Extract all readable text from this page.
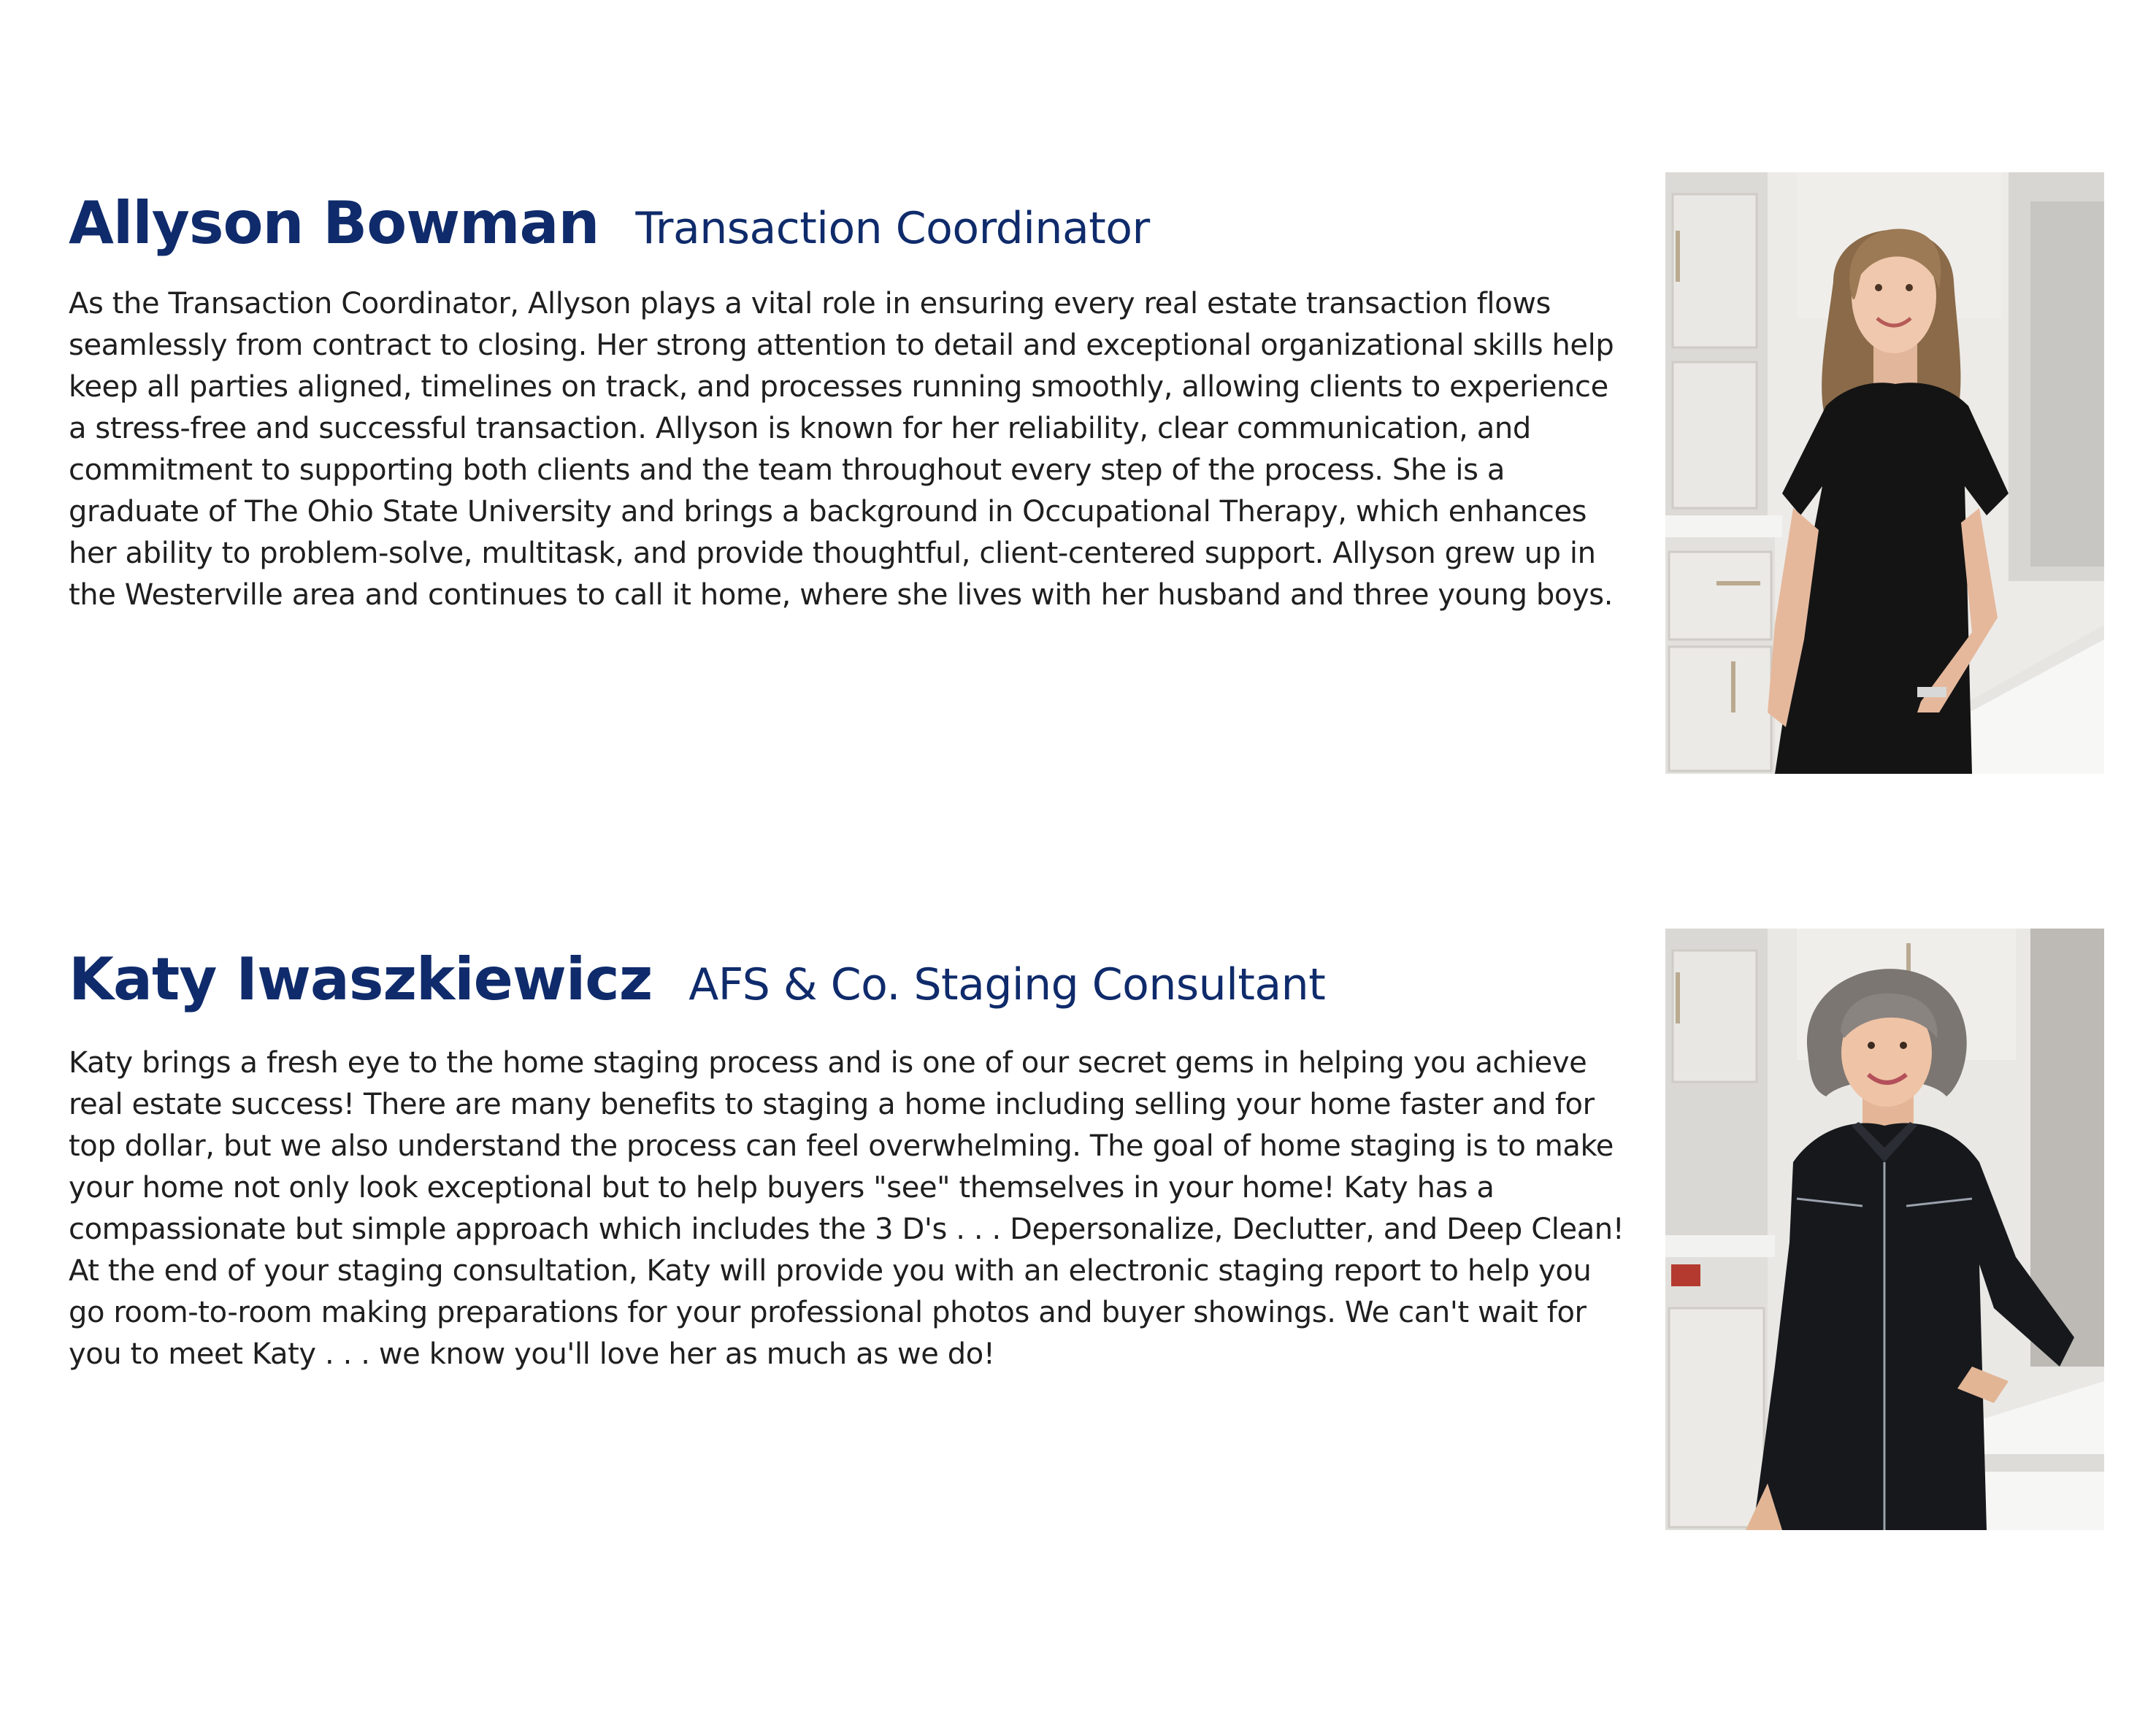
Allyson Bowman Transaction Coordinator

As the Transaction Coordinator, Allyson plays a vital role in ensuring every real estate transaction flows seamlessly from contract to closing. Her strong attention to detail and exceptional organizational skills help keep all parties aligned, timelines on track, and processes running smoothly, allowing clients to experience a stress-free and successful transaction. Allyson is known for her reliability, clear communication, and commitment to supporting both clients and the team throughout every step of the process. She is a graduate of The Ohio State University and brings a background in Occupational Therapy, which enhances her ability to problem-solve, multitask, and provide thoughtful, client-centered support. Allyson grew up in the Westerville area and continues to call it home, where she lives with her husband and three young boys.

Katy Iwaszkiewicz AFS & Co. Staging Consultant

Katy brings a fresh eye to the home staging process and is one of our secret gems in helping you achieve real estate success! There are many benefits to staging a home including selling your home faster and for top dollar, but we also understand the process can feel overwhelming. The goal of home staging is to make your home not only look exceptional but to help buyers "see" themselves in your home! Katy has a compassionate but simple approach which includes the 3 D's . . . Depersonalize, Declutter, and Deep Clean! At the end of your staging consultation, Katy will provide you with an electronic staging report to help you go room-to-room making preparations for your professional photos and buyer showings. We can't wait for you to meet Katy . . . we know you'll love her as much as we do!
